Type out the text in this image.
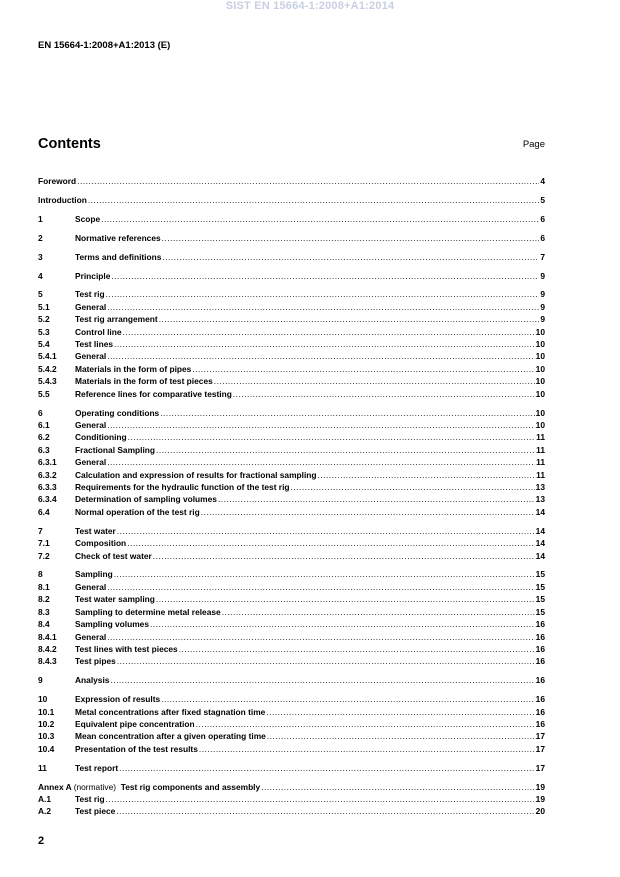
SIST EN 15664-1:2008+A1:2014
EN 15664-1:2008+A1:2013 (E)
Contents	Page
Foreword .....	4
Introduction .....	5
1	Scope .....	6
2	Normative references .....	6
3	Terms and definitions .....	7
4	Principle .....	9
5	Test rig .....	9
5.1	General .....	9
5.2	Test rig arrangement .....	9
5.3	Control line .....	10
5.4	Test lines .....	10
5.4.1	General .....	10
5.4.2	Materials in the form of pipes .....	10
5.4.3	Materials in the form of test pieces .....	10
5.5	Reference lines for comparative testing .....	10
6	Operating conditions .....	10
6.1	General .....	10
6.2	Conditioning .....	11
6.3	Fractional Sampling .....	11
6.3.1	General .....	11
6.3.2	Calculation and expression of results for fractional sampling .....	11
6.3.3	Requirements for the hydraulic function of the test rig .....	13
6.3.4	Determination of sampling volumes .....	13
6.4	Normal operation of the test rig .....	14
7	Test water .....	14
7.1	Composition .....	14
7.2	Check of test water .....	14
8	Sampling .....	15
8.1	General .....	15
8.2	Test water sampling .....	15
8.3	Sampling to determine metal release .....	15
8.4	Sampling volumes .....	16
8.4.1	General .....	16
8.4.2	Test lines with test pieces .....	16
8.4.3	Test pipes .....	16
9	Analysis .....	16
10	Expression of results .....	16
10.1	Metal concentrations after fixed stagnation time .....	16
10.2	Equivalent pipe concentration .....	16
10.3	Mean concentration after a given operating time .....	17
10.4	Presentation of the test results .....	17
11	Test report .....	17
Annex A (normative) Test rig components and assembly .....	19
A.1	Test rig .....	19
A.2	Test piece .....	20
2
